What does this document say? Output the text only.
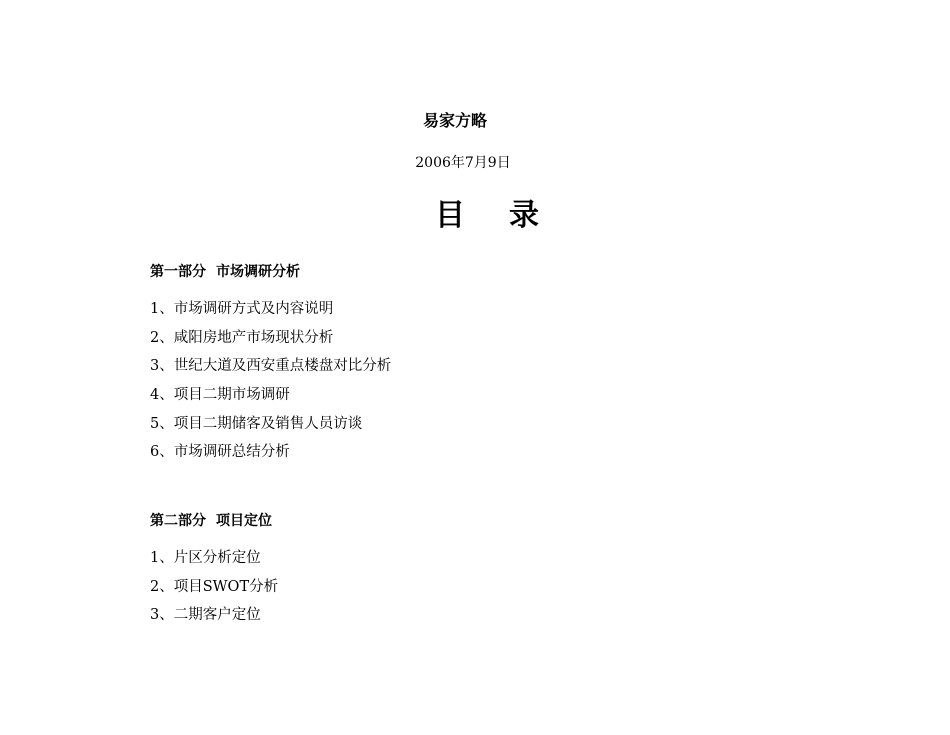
易家方略
2006年7月9日
目 录
第一部分 市场调研分析
1、市场调研方式及内容说明
2、咸阳房地产市场现状分析
3、世纪大道及西安重点楼盘对比分析
4、项目二期市场调研
5、项目二期储客及销售人员访谈
6、市场调研总结分析
第二部分 项目定位
1、片区分析定位
2、项目SWOT分析
3、二期客户定位
